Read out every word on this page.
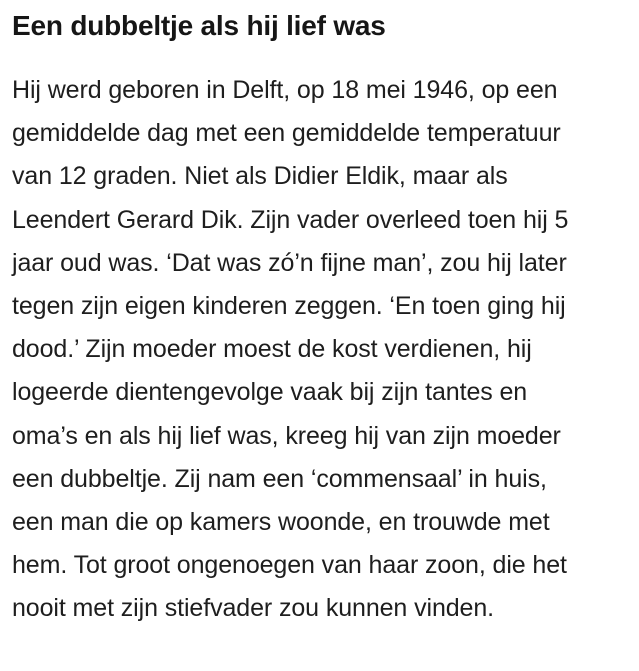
Een dubbeltje als hij lief was

Hij werd geboren in Delft, op 18 mei 1946, op een
gemiddelde dag met een gemiddelde temperatuur
van 12 graden. Niet als Didier Eldik, maar als
Leendert Gerard Dik. Zijn vader overleed toen hij 5
jaar oud was. ‘Dat was zó’n fijne man’, zou hij later
tegen zijn eigen kinderen zeggen. ‘En toen ging hij
dood.’ Zijn moeder moest de kost verdienen, hij
logeerde dientengevolge vaak bij zijn tantes en
oma’s en als hij lief was, kreeg hij van zijn moeder
een dubbeltje. Zij nam een ‘commensaal’ in huis,
een man die op kamers woonde, en trouwde met
hem. Tot groot ongenoegen van haar zoon, die het
nooit met zijn stiefvader zou kunnen vinden.
